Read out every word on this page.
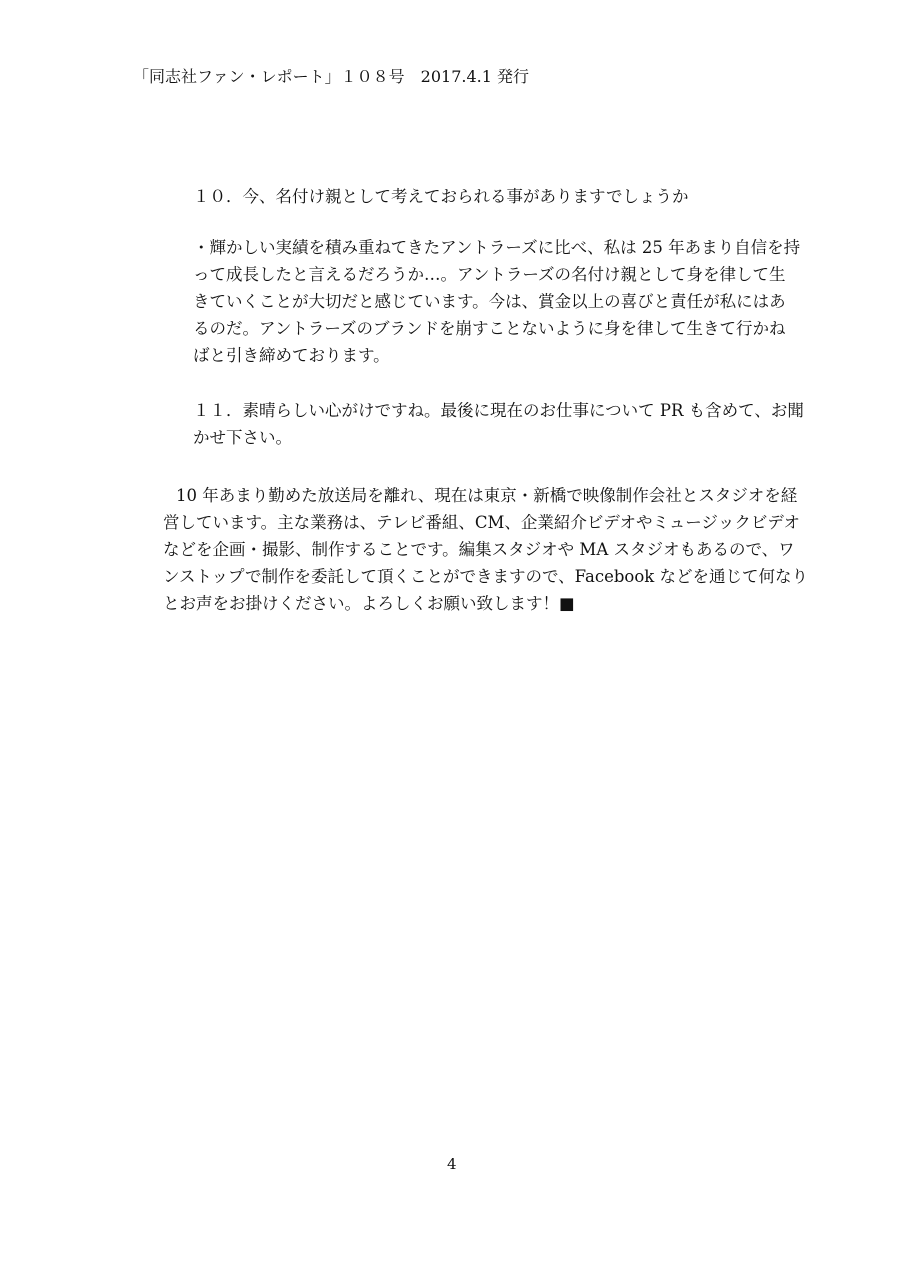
「同志社ファン・レポート」１０８号　2017.4.1 発行
１０．今、名付け親として考えておられる事がありますでしょうか
・輝かしい実績を積み重ねてきたアントラーズに比べ、私は 25 年あまり自信を持
って成長したと言えるだろうか…。アントラーズの名付け親として身を律して生
きていくことが大切だと感じています。今は、賞金以上の喜びと責任が私にはあ
るのだ。アントラーズのブランドを崩すことないように身を律して生きて行かね
ばと引き締めております。
１１．素晴らしい心がけですね。最後に現在のお仕事について PR も含めて、お聞
かせ下さい。
10 年あまり勤めた放送局を離れ、現在は東京・新橋で映像制作会社とスタジオを経
営しています。主な業務は、テレビ番組、CM、企業紹介ビデオやミュージックビデオ
などを企画・撮影、制作することです。編集スタジオや MA スタジオもあるので、ワ
ンストップで制作を委託して頂くことができますので、Facebook などを通じて何なり
とお声をお掛けください。よろしくお願い致します！■
4
